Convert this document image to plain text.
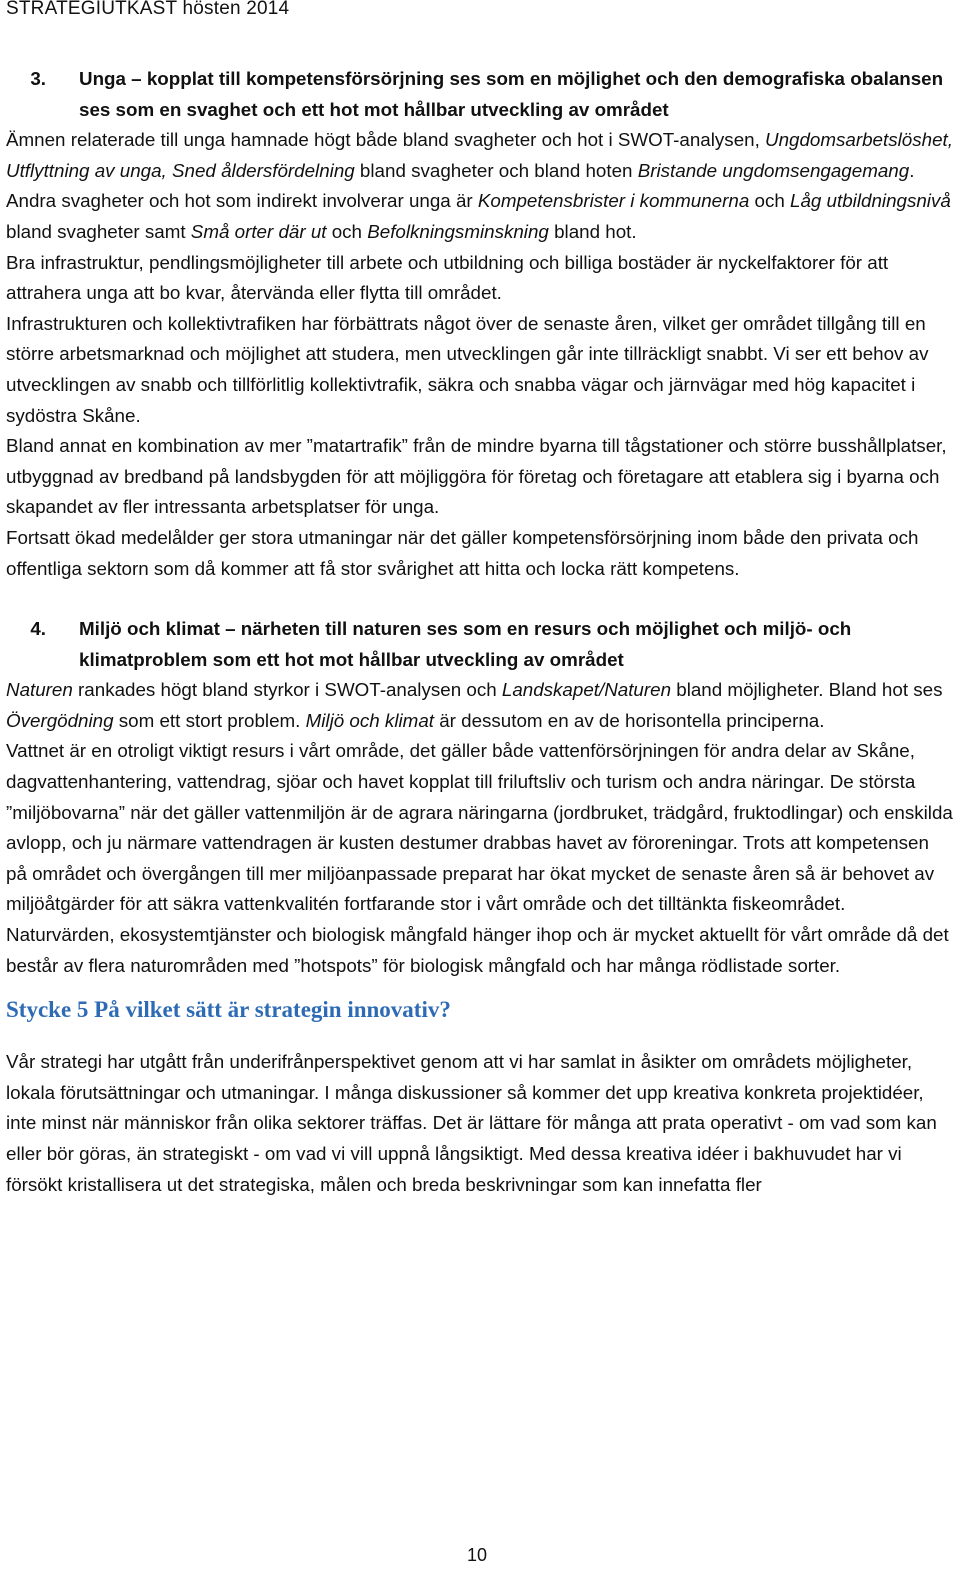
STRATEGIUTKAST hösten 2014
3.	Unga – kopplat till kompetensförsörjning ses som en möjlighet och den demografiska obalansen ses som en svaghet och ett hot mot hållbar utveckling av området

Ämnen relaterade till unga hamnade högt både bland svagheter och hot i SWOT-analysen, Ungdomsarbetslöshet, Utflyttning av unga, Sned åldersfördelning bland svagheter och bland hoten Bristande ungdomsengagemang. Andra svagheter och hot som indirekt involverar unga är Kompetensbrister i kommunerna och Låg utbildningsnivå bland svagheter samt Små orter där ut och Befolkningsminskning bland hot.

Bra infrastruktur, pendlingsmöjligheter till arbete och utbildning och billiga bostäder är nyckelfaktorer för att attrahera unga att bo kvar, återvända eller flytta till området.

Infrastrukturen och kollektivtrafiken har förbättrats något över de senaste åren, vilket ger området tillgång till en större arbetsmarknad och möjlighet att studera, men utvecklingen går inte tillräckligt snabbt. Vi ser ett behov av utvecklingen av snabb och tillförlitlig kollektivtrafik, säkra och snabba vägar och järnvägar med hög kapacitet i sydöstra Skåne.

Bland annat en kombination av mer ”matartrafik” från de mindre byarna till tågstationer och större busshållplatser, utbyggnad av bredband på landsbygden för att möjliggöra för företag och företagare att etablera sig i byarna och skapandet av fler intressanta arbetsplatser för unga.

Fortsatt ökad medelålder ger stora utmaningar när det gäller kompetensförsörjning inom både den privata och offentliga sektorn som då kommer att få stor svårighet att hitta och locka rätt kompetens.

4.	Miljö och klimat – närheten till naturen ses som en resurs och möjlighet och miljö- och klimatproblem som ett hot mot hållbar utveckling av området

Naturen rankades högt bland styrkor i SWOT-analysen och Landskapet/Naturen bland möjligheter. Bland hot ses Övergödning som ett stort problem. Miljö och klimat är dessutom en av de horisontella principerna.

Vattnet är en otroligt viktigt resurs i vårt område, det gäller både vattenförsörjningen för andra delar av Skåne, dagvattenhantering, vattendrag, sjöar och havet kopplat till friluftsliv och turism och andra näringar. De största ”miljöbovarna” när det gäller vattenmiljön är de agrara näringarna (jordbruket, trädgård, fruktodlingar) och enskilda avlopp, och ju närmare vattendragen är kusten destumer drabbas havet av föroreningar. Trots att kompetensen på området och övergången till mer miljöanpassade preparat har ökat mycket de senaste åren så är behovet av miljöåtgärder för att säkra vattenkvalitén fortfarande stor i vårt område och det tilltänkta fiskeområdet.

Naturvärden, ekosystemtjänster och biologisk mångfald hänger ihop och är mycket aktuellt för vårt område då det består av flera naturområden med ”hotspots” för biologisk mångfald och har många rödlistade sorter.

Stycke 5 På vilket sätt är strategin innovativ?

Vår strategi har utgått från underifrånperspektivet genom att vi har samlat in åsikter om områdets möjligheter, lokala förutsättningar och utmaningar. I många diskussioner så kommer det upp kreativa konkreta projektidéer, inte minst när människor från olika sektorer träffas. Det är lättare för många att prata operativt - om vad som kan eller bör göras, än strategiskt - om vad vi vill uppnå långsiktigt. Med dessa kreativa idéer i bakhuvudet har vi försökt kristallisera ut det strategiska, målen och breda beskrivningar som kan innefatta fler

10
